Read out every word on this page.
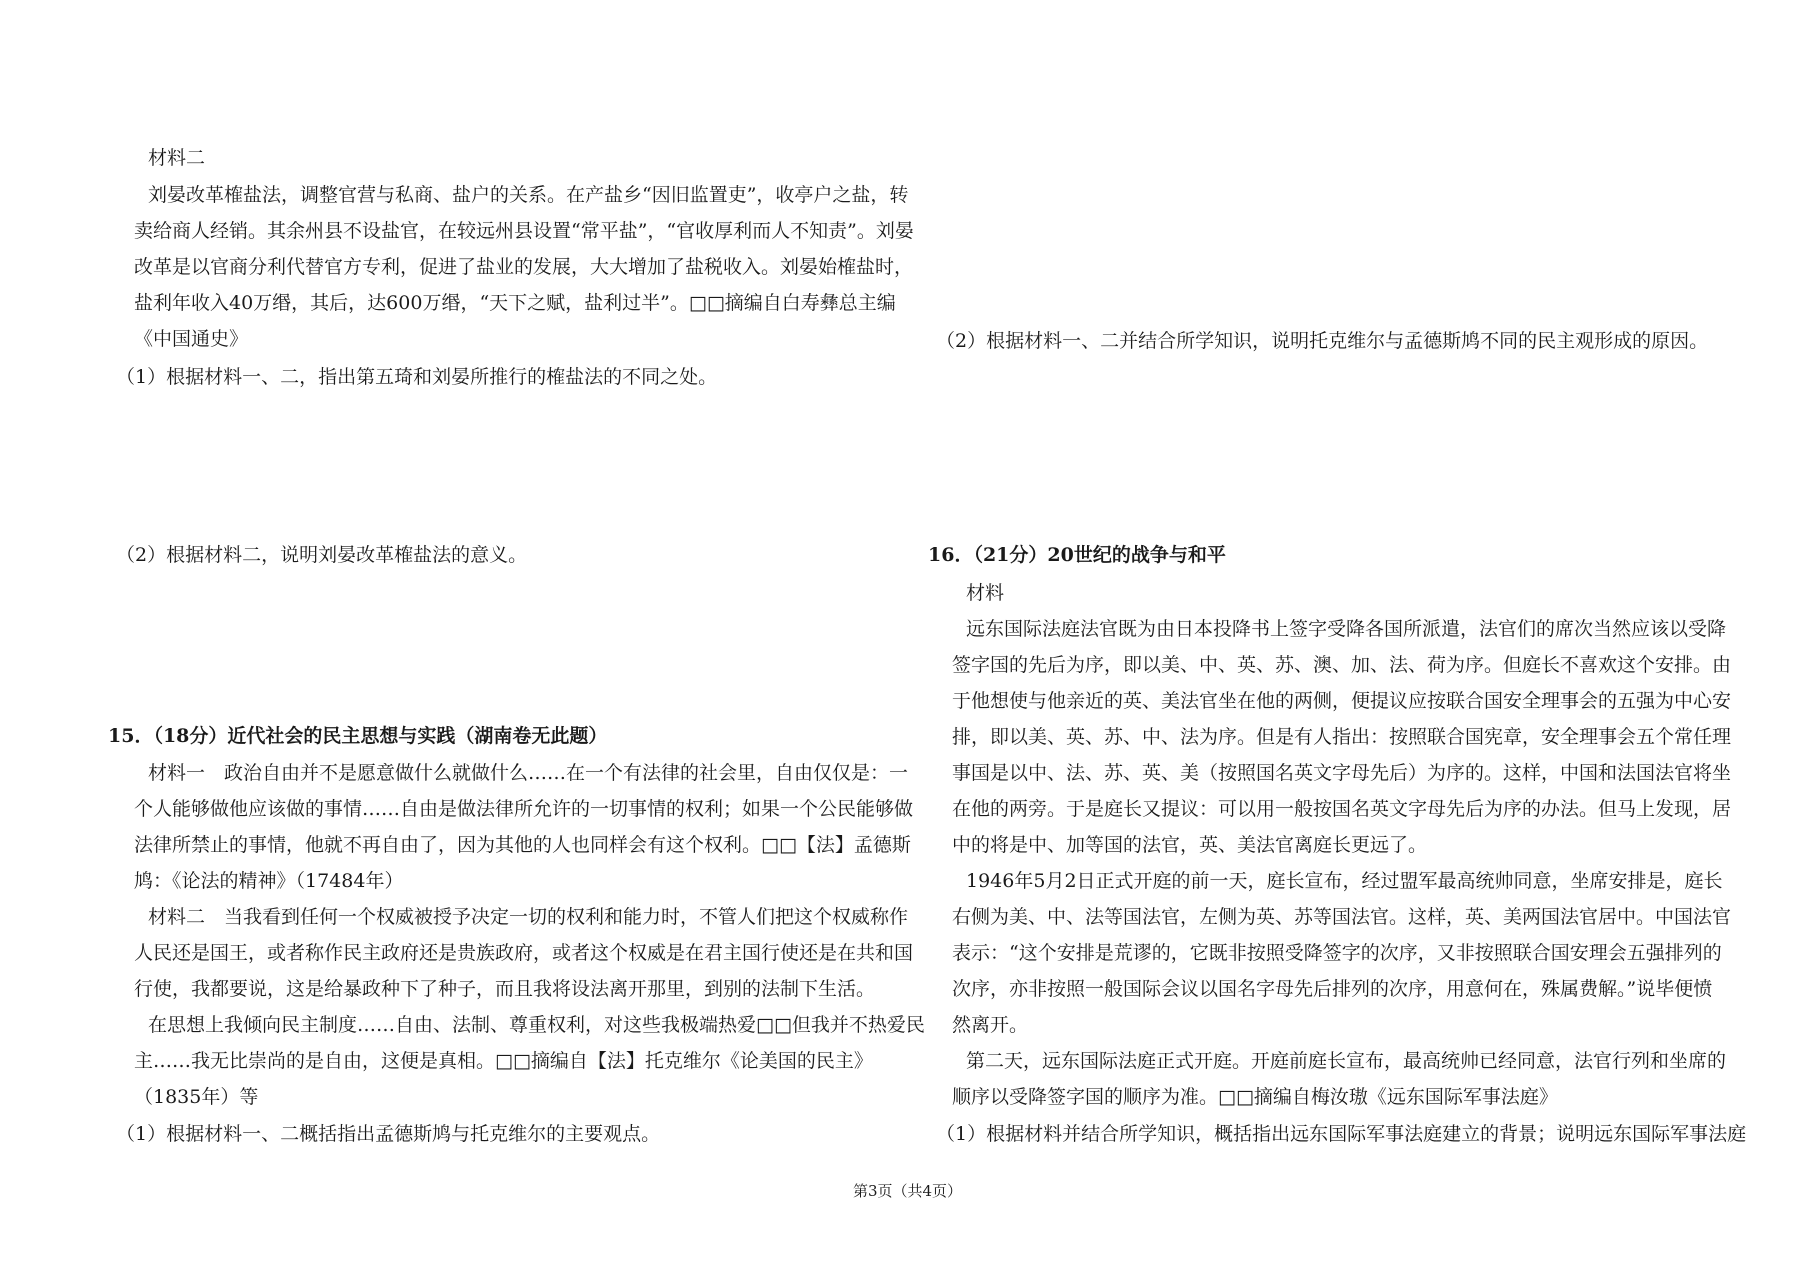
材料二
刘晏改革榷盐法，调整官营与私商、盐户的关系。在产盐乡“因旧监置吏”，收亭户之盐，转
卖给商人经销。其余州县不设盐官，在较远州县设置“常平盐”，“官收厚利而人不知责”。刘晏
改革是以官商分利代替官方专利，促进了盐业的发展，大大增加了盐税收入。刘晏始榷盐时，
盐利年收入40万缗，其后，达600万缗，“天下之赋，盐利过半”。□□摘编自白寿彝总主编
《中国通史》
（1）根据材料一、二，指出第五琦和刘晏所推行的榷盐法的不同之处。
（2）根据材料二，说明刘晏改革榷盐法的意义。
15．（18分）近代社会的民主思想与实践（湖南卷无此题）
材料一　政治自由并不是愿意做什么就做什么……在一个有法律的社会里，自由仅仅是：一
个人能够做他应该做的事情……自由是做法律所允许的一切事情的权利；如果一个公民能够做
法律所禁止的事情，他就不再自由了，因为其他的人也同样会有这个权利。□□【法】孟德斯
鸠：《论法的精神》（17484年）
材料二　当我看到任何一个权威被授予决定一切的权利和能力时，不管人们把这个权威称作
人民还是国王，或者称作民主政府还是贵族政府，或者这个权威是在君主国行使还是在共和国
行使，我都要说，这是给暴政种下了种子，而且我将设法离开那里，到别的法制下生活。
在思想上我倾向民主制度……自由、法制、尊重权利，对这些我极端热爱□□但我并不热爱民
主……我无比崇尚的是自由，这便是真相。□□摘编自【法】托克维尔《论美国的民主》
（1835年）等
（1）根据材料一、二概括指出孟德斯鸠与托克维尔的主要观点。
（2）根据材料一、二并结合所学知识，说明托克维尔与孟德斯鸠不同的民主观形成的原因。
16．（21分）20世纪的战争与和平
材料
远东国际法庭法官既为由日本投降书上签字受降各国所派遣，法官们的席次当然应该以受降
签字国的先后为序，即以美、中、英、苏、澳、加、法、荷为序。但庭长不喜欢这个安排。由
于他想使与他亲近的英、美法官坐在他的两侧，便提议应按联合国安全理事会的五强为中心安
排，即以美、英、苏、中、法为序。但是有人指出：按照联合国宪章，安全理事会五个常任理
事国是以中、法、苏、英、美（按照国名英文字母先后）为序的。这样，中国和法国法官将坐
在他的两旁。于是庭长又提议：可以用一般按国名英文字母先后为序的办法。但马上发现，居
中的将是中、加等国的法官，英、美法官离庭长更远了。
1946年5月2日正式开庭的前一天，庭长宣布，经过盟军最高统帅同意，坐席安排是，庭长
右侧为美、中、法等国法官，左侧为英、苏等国法官。这样，英、美两国法官居中。中国法官
表示：“这个安排是荒谬的，它既非按照受降签字的次序，又非按照联合国安理会五强排列的
次序，亦非按照一般国际会议以国名字母先后排列的次序，用意何在，殊属费解。”说毕便愤
然离开。
第二天，远东国际法庭正式开庭。开庭前庭长宣布，最高统帅已经同意，法官行列和坐席的
顺序以受降签字国的顺序为准。□□摘编自梅汝璈《远东国际军事法庭》
（1）根据材料并结合所学知识，概括指出远东国际军事法庭建立的背景；说明远东国际军事法庭
第3页（共4页）
